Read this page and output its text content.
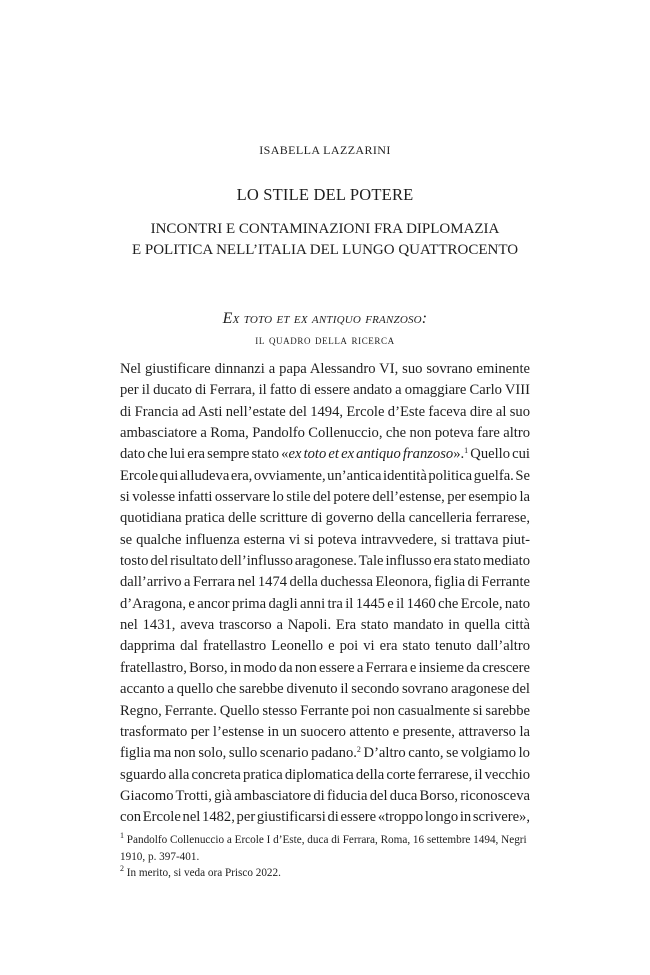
ISABELLA LAZZARINI
LO STILE DEL POTERE
INCONTRI E CONTAMINAZIONI FRA DIPLOMAZIA
E POLITICA NELL’ITALIA DEL LUNGO QUATTROCENTO
Ex toto et ex antiquo franzoso:
il quadro della ricerca
Nel giustificare dinnanzi a papa Alessandro VI, suo sovrano eminente
per il ducato di Ferrara, il fatto di essere andato a omaggiare Carlo VIII
di Francia ad Asti nell’estate del 1494, Ercole d’Este faceva dire al suo
ambasciatore a Roma, Pandolfo Collenuccio, che non poteva fare altro
dato che lui era sempre stato «ex toto et ex antiquo franzoso».$^1$ Quello cui
Ercole qui alludeva era, ovviamente, un’antica identità politica guelfa. Se
si volesse infatti osservare lo stile del potere dell’estense, per esempio la
quotidiana pratica delle scritture di governo della cancelleria ferrarese,
se qualche influenza esterna vi si poteva intravvedere, si trattava piut-
tosto del risultato dell’influsso aragonese. Tale influsso era stato mediato
dall’arrivo a Ferrara nel 1474 della duchessa Eleonora, figlia di Ferrante
d’Aragona, e ancor prima dagli anni tra il 1445 e il 1460 che Ercole, nato
nel 1431, aveva trascorso a Napoli. Era stato mandato in quella città
dapprima dal fratellastro Leonello e poi vi era stato tenuto dall’altro
fratellastro, Borso, in modo da non essere a Ferrara e insieme da crescere
accanto a quello che sarebbe divenuto il secondo sovrano aragonese del
Regno, Ferrante. Quello stesso Ferrante poi non casualmente si sarebbe
trasformato per l’estense in un suocero attento e presente, attraverso la
figlia ma non solo, sullo scenario padano.$^2$ D’altro canto, se volgiamo lo
sguardo alla concreta pratica diplomatica della corte ferrarese, il vecchio
Giacomo Trotti, già ambasciatore di fiducia del duca Borso, riconosceva
con Ercole nel 1482, per giustificarsi di essere «troppo longo in scrivere»,
$^1$ Pandolfo Collenuccio a Ercole I d’Este, duca di Ferrara, Roma, 16 settembre 1494, Negri
1910, p. 397-401.
$^2$ In merito, si veda ora Prisco 2022.
